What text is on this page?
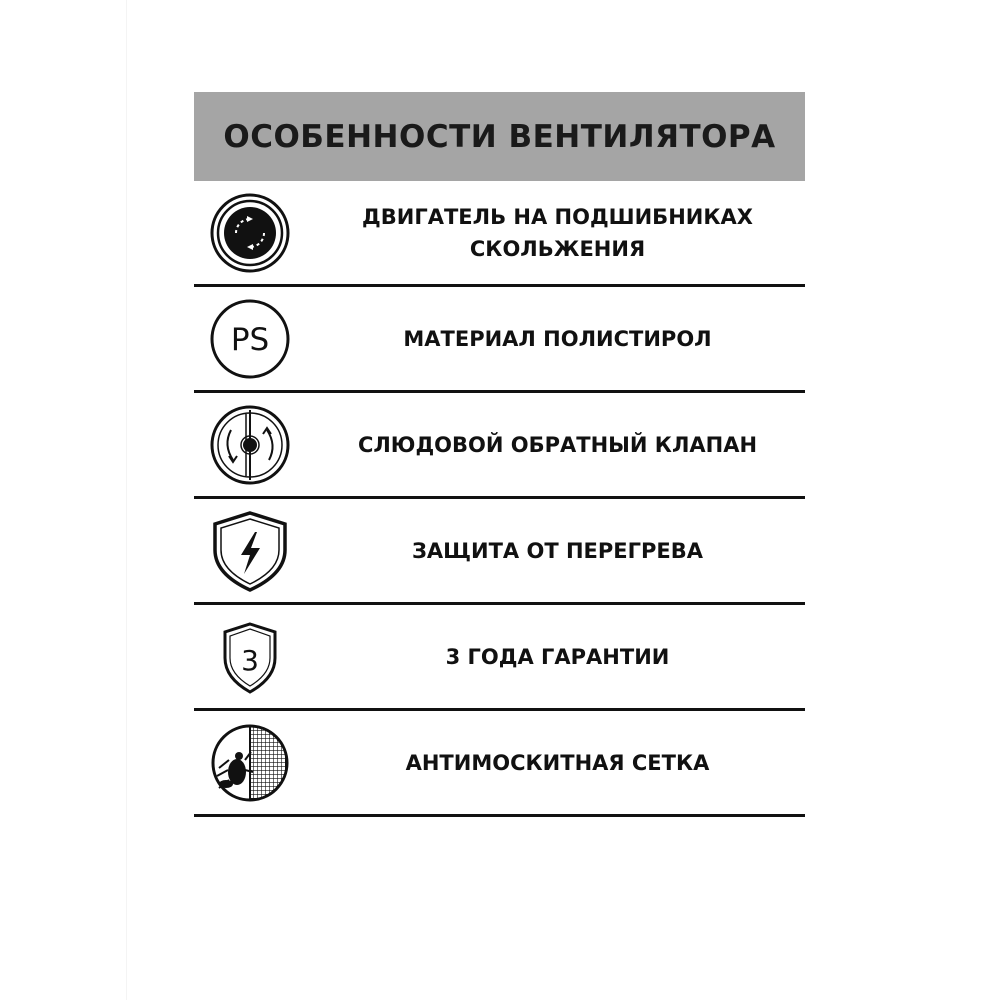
ОСОБЕННОСТИ ВЕНТИЛЯТОРА
ДВИГАТЕЛЬ НА ПОДШИБНИКАХ
СКОЛЬЖЕНИЯ
PS	МАТЕРИАЛ ПОЛИСТИРОЛ
СЛЮДОВОЙ ОБРАТНЫЙ КЛАПАН
ЗАЩИТА ОТ ПЕРЕГРЕВА
3	3 ГОДА ГАРАНТИИ
АНТИМОСКИТНАЯ СЕТКА
